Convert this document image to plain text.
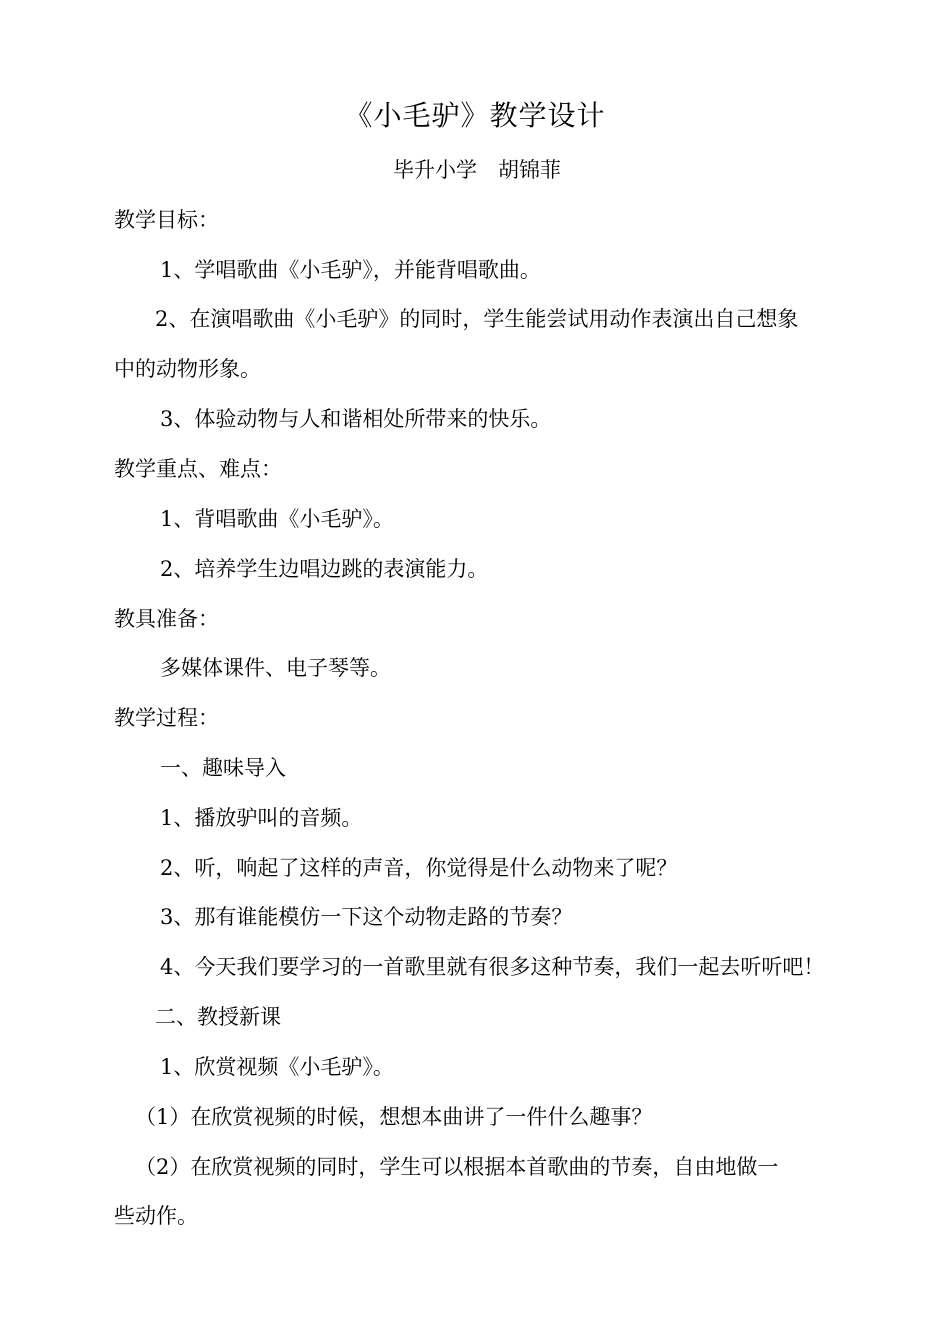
《小毛驴》教学设计
毕升小学　胡锦菲
教学目标：
1、学唱歌曲《小毛驴》，并能背唱歌曲。
2、在演唱歌曲《小毛驴》的同时，学生能尝试用动作表演出自己想象
中的动物形象。
3、体验动物与人和谐相处所带来的快乐。
教学重点、难点：
1、背唱歌曲《小毛驴》。
2、培养学生边唱边跳的表演能力。
教具准备：
多媒体课件、电子琴等。
教学过程：
一、趣味导入
1、播放驴叫的音频。
2、听，响起了这样的声音，你觉得是什么动物来了呢？
3、那有谁能模仿一下这个动物走路的节奏？
4、今天我们要学习的一首歌里就有很多这种节奏，我们一起去听听吧！
二、教授新课
1、欣赏视频《小毛驴》。
（1）在欣赏视频的时候，想想本曲讲了一件什么趣事？
（2）在欣赏视频的同时，学生可以根据本首歌曲的节奏，自由地做一
些动作。
